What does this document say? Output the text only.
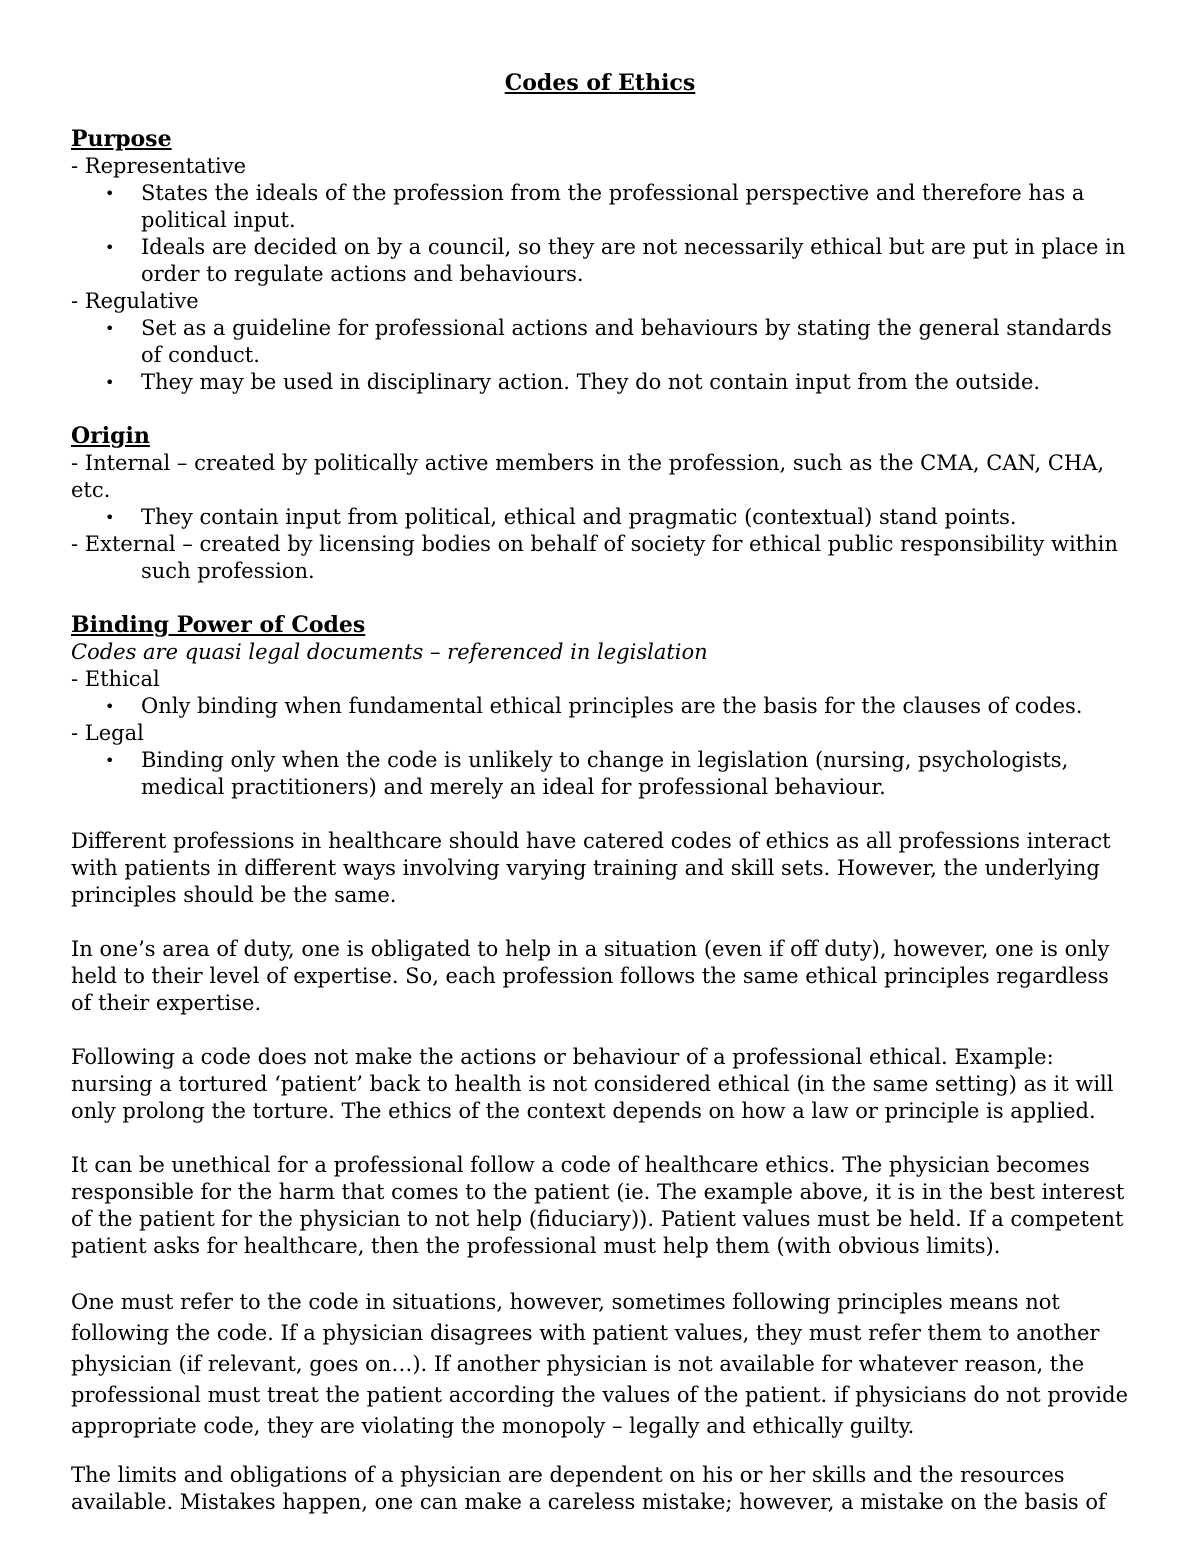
Codes of Ethics
Purpose
- Representative
• States the ideals of the profession from the professional perspective and therefore has a political input.
• Ideals are decided on by a council, so they are not necessarily ethical but are put in place in order to regulate actions and behaviours.
- Regulative
• Set as a guideline for professional actions and behaviours by stating the general standards of conduct.
• They may be used in disciplinary action. They do not contain input from the outside.
Origin
- Internal – created by politically active members in the profession, such as the CMA, CAN, CHA, etc.
• They contain input from political, ethical and pragmatic (contextual) stand points.
- External – created by licensing bodies on behalf of society for ethical public responsibility within such profession.
Binding Power of Codes
Codes are quasi legal documents – referenced in legislation
- Ethical
• Only binding when fundamental ethical principles are the basis for the clauses of codes.
- Legal
• Binding only when the code is unlikely to change in legislation (nursing, psychologists, medical practitioners) and merely an ideal for professional behaviour.

Different professions in healthcare should have catered codes of ethics as all professions interact with patients in different ways involving varying training and skill sets. However, the underlying principles should be the same.

In one’s area of duty, one is obligated to help in a situation (even if off duty), however, one is only held to their level of expertise. So, each profession follows the same ethical principles regardless of their expertise.

Following a code does not make the actions or behaviour of a professional ethical. Example: nursing a tortured ‘patient’ back to health is not considered ethical (in the same setting) as it will only prolong the torture. The ethics of the context depends on how a law or principle is applied.

It can be unethical for a professional follow a code of healthcare ethics. The physician becomes responsible for the harm that comes to the patient (ie. The example above, it is in the best interest of the patient for the physician to not help (fiduciary)). Patient values must be held. If a competent patient asks for healthcare, then the professional must help them (with obvious limits).

One must refer to the code in situations, however, sometimes following principles means not following the code. If a physician disagrees with patient values, they must refer them to another physician (if relevant, goes on…). If another physician is not available for whatever reason, the professional must treat the patient according the values of the patient. if physicians do not provide appropriate code, they are violating the monopoly – legally and ethically guilty.

The limits and obligations of a physician are dependent on his or her skills and the resources available. Mistakes happen, one can make a careless mistake; however, a mistake on the basis of
